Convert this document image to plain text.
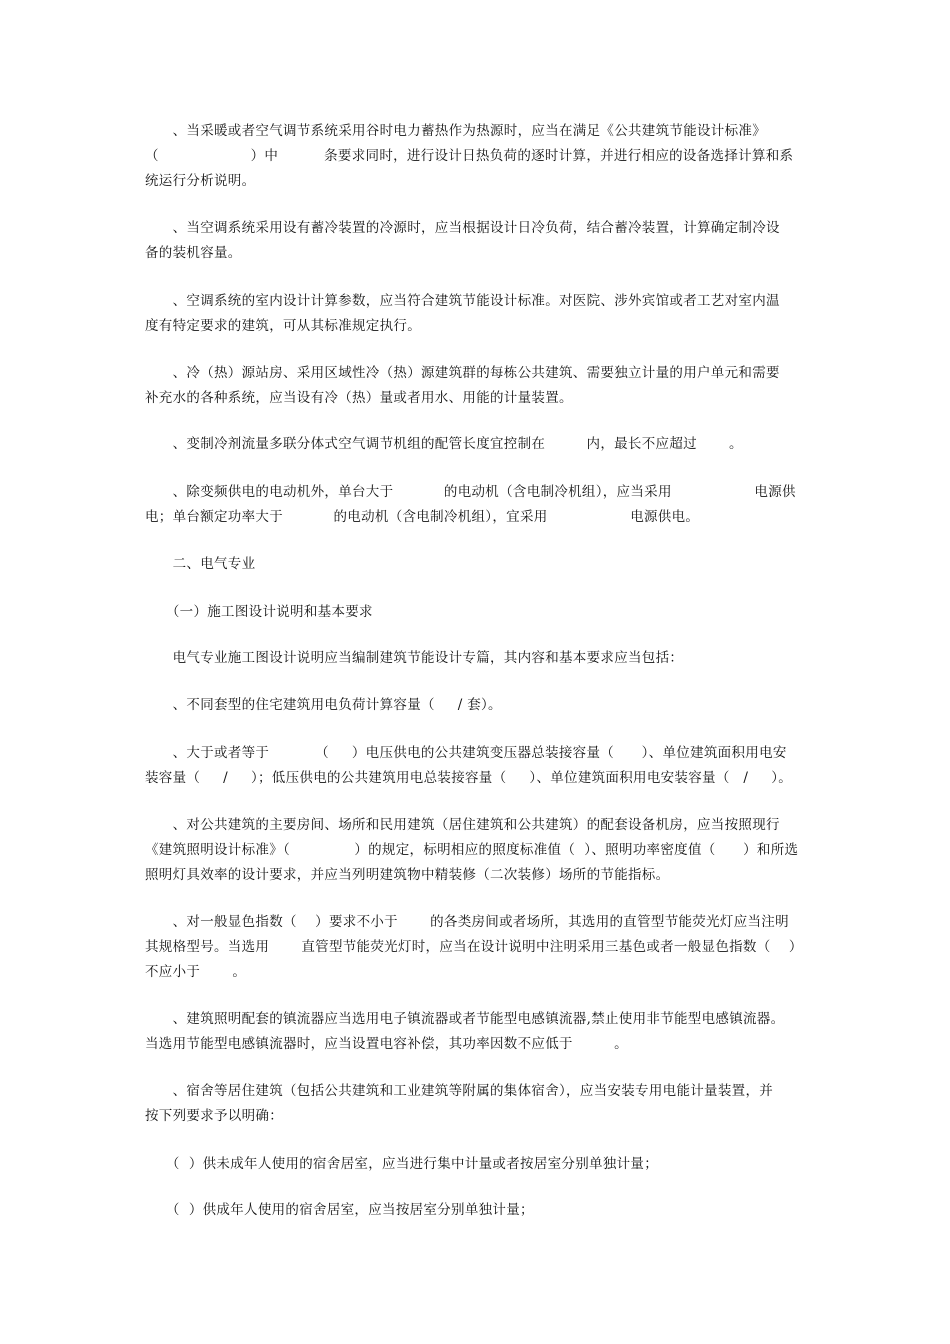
　　、当采暖或者空气调节系统采用谷时电力蓄热作为热源时，应当在满足《公共建筑节能设计标准》
（                    ）中          条要求同时，进行设计日热负荷的逐时计算，并进行相应的设备选择计算和系
统运行分析说明。
　　、当空调系统采用设有蓄冷装置的冷源时，应当根据设计日冷负荷，结合蓄冷装置，计算确定制冷设
备的装机容量。
　　、空调系统的室内设计计算参数，应当符合建筑节能设计标准。对医院、涉外宾馆或者工艺对室内温
度有特定要求的建筑，可从其标准规定执行。
　　、冷（热）源站房、采用区域性冷（热）源建筑群的每栋公共建筑、需要独立计量的用户单元和需要
补充水的各种系统，应当设有冷（热）量或者用水、用能的计量装置。
　　、变制冷剂流量多联分体式空气调节机组的配管长度宜控制在         内，最长不应超过       。
　　、除变频供电的电动机外，单台大于           的电动机（含电制冷机组），应当采用                  电源供
电；单台额定功率大于           的电动机（含电制冷机组），宜采用                  电源供电。
　　二、电气专业
　　（一）施工图设计说明和基本要求
　　电气专业施工图设计说明应当编制建筑节能设计专篇，其内容和基本要求应当包括：
　　、不同套型的住宅建筑用电负荷计算容量（     / 套）。
　　、大于或者等于          （     ）电压供电的公共建筑变压器总装接容量（      ）、单位建筑面积用电安
装容量（     /     ）；低压供电的公共建筑用电总装接容量（     ）、单位建筑面积用电安装容量（   /     ）。
　　、对公共建筑的主要房间、场所和民用建筑（居住建筑和公共建筑）的配套设备机房，应当按照现行
《建筑照明设计标准》（              ）的规定，标明相应的照度标准值（  ）、照明功率密度值（      ）和所选
照明灯具效率的设计要求，并应当列明建筑物中精装修（二次装修）场所的节能指标。
　　、对一般显色指数（    ）要求不小于       的各类房间或者场所，其选用的直管型节能荧光灯应当注明
其规格型号。当选用       直管型节能荧光灯时，应当在设计说明中注明采用三基色或者一般显色指数（    ）
不应小于       。
　　、建筑照明配套的镇流器应当选用电子镇流器或者节能型电感镇流器,禁止使用非节能型电感镇流器。
当选用节能型电感镇流器时，应当设置电容补偿，其功率因数不应低于         。
　　、宿舍等居住建筑（包括公共建筑和工业建筑等附属的集体宿舍），应当安装专用电能计量装置，并
按下列要求予以明确：
　　（  ）供未成年人使用的宿舍居室，应当进行集中计量或者按居室分别单独计量；
　　（  ）供成年人使用的宿舍居室，应当按居室分别单独计量；
